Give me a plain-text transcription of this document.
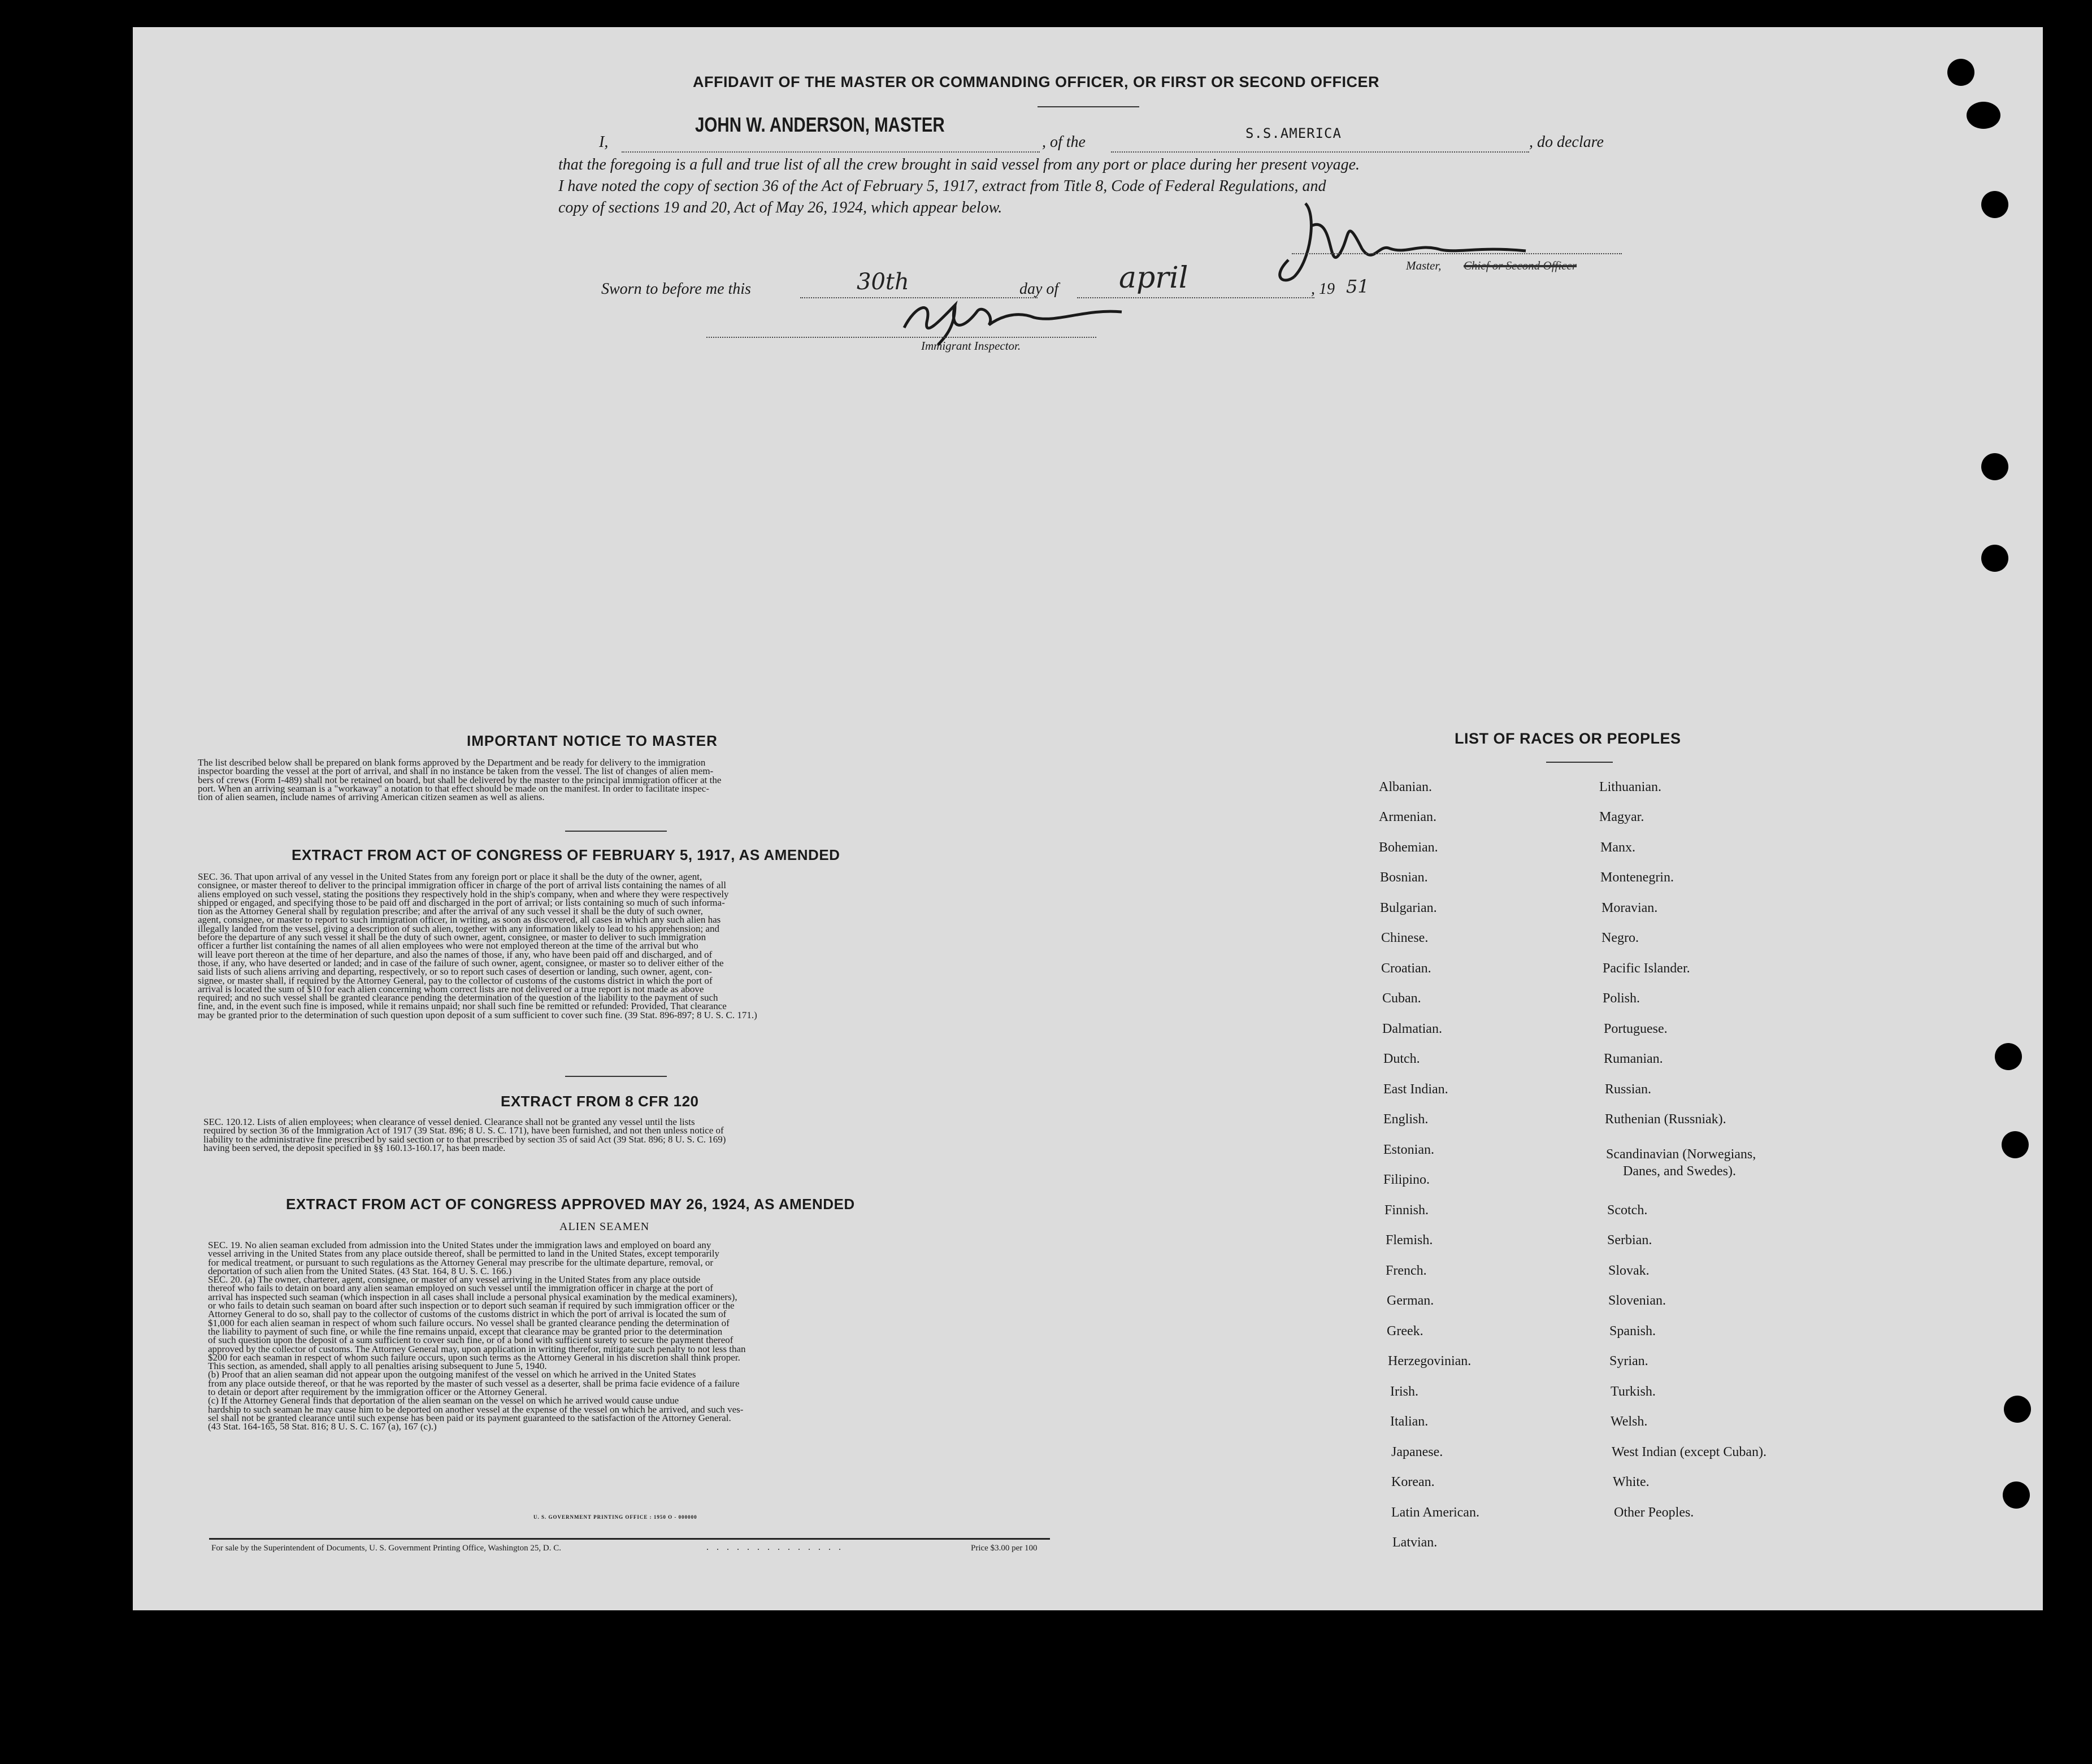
AFFIDAVIT OF THE MASTER OR COMMANDING OFFICER, OR FIRST OR SECOND OFFICER
I,
JOHN W. ANDERSON, MASTER
, of the	S.S.AMERICA	, do declare
that the foregoing is a full and true list of all the crew brought in said vessel from any port or place during her present voyage.
I have noted the copy of section 36 of the Act of February 5, 1917, extract from Title 8, Code of Federal Regulations, and
copy of sections 19 and 20, Act of May 26, 1924, which appear below.
Master, Chief or Second Officer
Sworn to before me this	30th	day of april	, 19 51
Immigrant Inspector.
IMPORTANT NOTICE TO MASTER
The list described below shall be prepared on blank forms approved by the Department and be ready for delivery to the immigration
inspector boarding the vessel at the port of arrival, and shall in no instance be taken from the vessel. The list of changes of alien mem-
bers of crews (Form I-489) shall not be retained on board, but shall be delivered by the master to the principal immigration officer at the
port. When an arriving seaman is a "workaway" a notation to that effect should be made on the manifest. In order to facilitate inspec-
tion of alien seamen, include names of arriving American citizen seamen as well as aliens.
EXTRACT FROM ACT OF CONGRESS OF FEBRUARY 5, 1917, AS AMENDED
SEC. 36. That upon arrival of any vessel in the United States from any foreign port or place it shall be the duty of the owner, agent,
consignee, or master thereof to deliver to the principal immigration officer in charge of the port of arrival lists containing the names of all
aliens employed on such vessel, stating the positions they respectively hold in the ship's company, when and where they were respectively
shipped or engaged, and specifying those to be paid off and discharged in the port of arrival; or lists containing so much of such informa-
tion as the Attorney General shall by regulation prescribe; and after the arrival of any such vessel it shall be the duty of such owner,
agent, consignee, or master to report to such immigration officer, in writing, as soon as discovered, all cases in which any such alien has
illegally landed from the vessel, giving a description of such alien, together with any information likely to lead to his apprehension; and
before the departure of any such vessel it shall be the duty of such owner, agent, consignee, or master to deliver to such immigration
officer a further list containing the names of all alien employees who were not employed thereon at the time of the arrival but who
will leave port thereon at the time of her departure, and also the names of those, if any, who have been paid off and discharged, and of
those, if any, who have deserted or landed; and in case of the failure of such owner, agent, consignee, or master so to deliver either of the
said lists of such aliens arriving and departing, respectively, or so to report such cases of desertion or landing, such owner, agent, con-
signee, or master shall, if required by the Attorney General, pay to the collector of customs of the customs district in which the port of
arrival is located the sum of $10 for each alien concerning whom correct lists are not delivered or a true report is not made as above
required; and no such vessel shall be granted clearance pending the determination of the question of the liability to the payment of such
fine, and, in the event such fine is imposed, while it remains unpaid; nor shall such fine be remitted or refunded: Provided, That clearance
may be granted prior to the determination of such question upon deposit of a sum sufficient to cover such fine. (39 Stat. 896-897; 8 U. S. C. 171.)
EXTRACT FROM 8 CFR 120
SEC. 120.12. Lists of alien employees; when clearance of vessel denied. Clearance shall not be granted any vessel until the lists
required by section 36 of the Immigration Act of 1917 (39 Stat. 896; 8 U. S. C. 171), have been furnished, and not then unless notice of
liability to the administrative fine prescribed by said section or to that prescribed by section 35 of said Act (39 Stat. 896; 8 U. S. C. 169)
having been served, the deposit specified in §§ 160.13-160.17, has been made.
EXTRACT FROM ACT OF CONGRESS APPROVED MAY 26, 1924, AS AMENDED
ALIEN SEAMEN
SEC. 19. No alien seaman excluded from admission into the United States under the immigration laws and employed on board any
vessel arriving in the United States from any place outside thereof, shall be permitted to land in the United States, except temporarily
for medical treatment, or pursuant to such regulations as the Attorney General may prescribe for the ultimate departure, removal, or
deportation of such alien from the United States. (43 Stat. 164, 8 U. S. C. 166.)
SEC. 20. (a) The owner, charterer, agent, consignee, or master of any vessel arriving in the United States from any place outside
thereof who fails to detain on board any alien seaman employed on such vessel until the immigration officer in charge at the port of
arrival has inspected such seaman (which inspection in all cases shall include a personal physical examination by the medical examiners),
or who fails to detain such seaman on board after such inspection or to deport such seaman if required by such immigration officer or the
Attorney General to do so, shall pay to the collector of customs of the customs district in which the port of arrival is located the sum of
$1,000 for each alien seaman in respect of whom such failure occurs. No vessel shall be granted clearance pending the determination of
the liability to payment of such fine, or while the fine remains unpaid, except that clearance may be granted prior to the determination
of such question upon the deposit of a sum sufficient to cover such fine, or of a bond with sufficient surety to secure the payment thereof
approved by the collector of customs. The Attorney General may, upon application in writing therefor, mitigate such penalty to not less than
$200 for each seaman in respect of whom such failure occurs, upon such terms as the Attorney General in his discretion shall think proper.
This section, as amended, shall apply to all penalties arising subsequent to June 5, 1940.
(b) Proof that an alien seaman did not appear upon the outgoing manifest of the vessel on which he arrived in the United States
from any place outside thereof, or that he was reported by the master of such vessel as a deserter, shall be prima facie evidence of a failure
to detain or deport after requirement by the immigration officer or the Attorney General.
(c) If the Attorney General finds that deportation of the alien seaman on the vessel on which he arrived would cause undue
hardship to such seaman he may cause him to be deported on another vessel at the expense of the vessel on which he arrived, and such ves-
sel shall not be granted clearance until such expense has been paid or its payment guaranteed to the satisfaction of the Attorney General.
(43 Stat. 164-165, 58 Stat. 816; 8 U. S. C. 167 (a), 167 (c).)
U. S. GOVERNMENT PRINTING OFFICE : 1950 O - 000000
For sale by the Superintendent of Documents, U. S. Government Printing Office, Washington 25, D. C.	..............	Price $3.00 per 100
LIST OF RACES OR PEOPLES
Albanian.
Armenian.
Bohemian.
Bosnian.
Bulgarian.
Chinese.
Croatian.
Cuban.
Dalmatian.
Dutch.
East Indian.
English.
Estonian.
Filipino.
Finnish.
Flemish.
French.
German.
Greek.
Herzegovinian.
Irish.
Italian.
Japanese.
Korean.
Latin American.
Latvian.
Lithuanian.
Magyar.
Manx.
Montenegrin.
Moravian.
Negro.
Pacific Islander.
Polish.
Portuguese.
Rumanian.
Russian.
Ruthenian (Russniak).
Scandinavian (Norwegians,
Danes, and Swedes).
Scotch.
Serbian.
Slovak.
Slovenian.
Spanish.
Syrian.
Turkish.
Welsh.
West Indian (except Cuban).
White.
Other Peoples.
